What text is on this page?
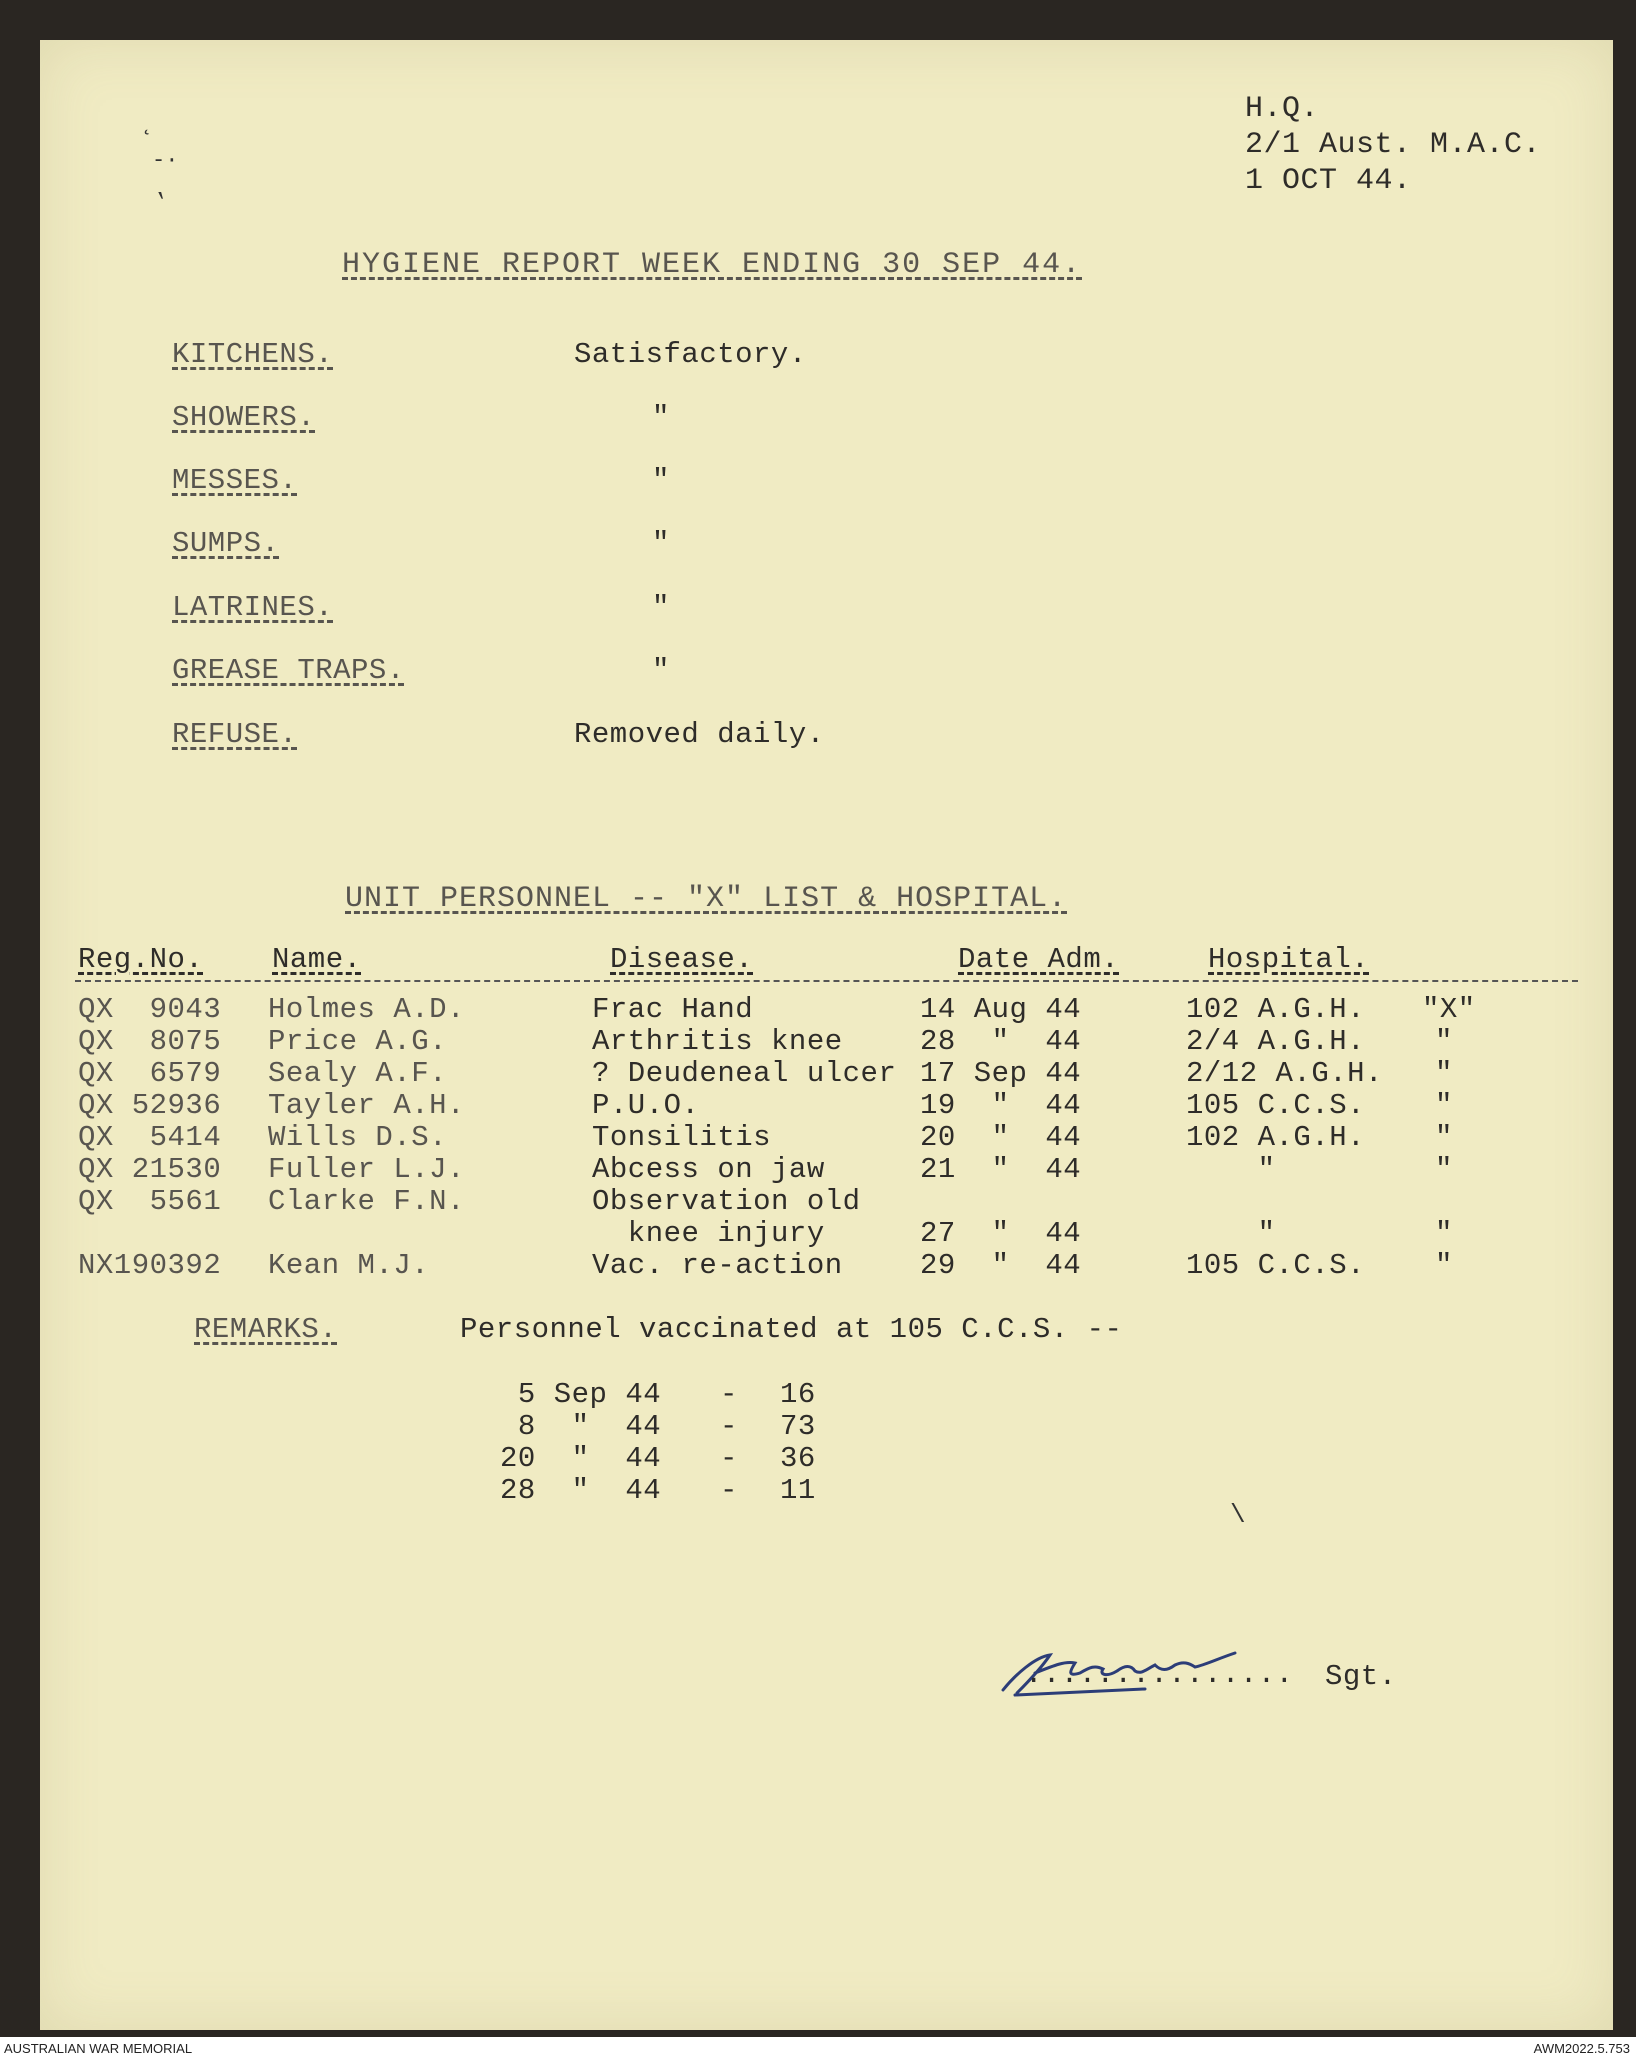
˛
-·
‛
H.Q.
2/1 Aust. M.A.C.
1 OCT 44.
HYGIENE REPORT WEEK ENDING 30 SEP 44.
KITCHENS.	Satisfactory.
SHOWERS.	"
MESSES.	"
SUMPS.	"
LATRINES.	"
GREASE TRAPS.	"
REFUSE.	Removed daily.
UNIT PERSONNEL -- "X" LIST & HOSPITAL.
Reg.No. Name.	Disease.	Date Adm.	Hospital.
QX  9043 Holmes A.D.	Frac Hand	14 Aug 44	102 A.G.H. "X"
QX  8075 Price A.G.	Arthritis knee	28  "  44	2/4 A.G.H. "
QX  6579 Sealy A.F.	? Deudeneal ulcer 17 Sep 44	2/12 A.G.H. "
QX 52936 Tayler A.H.	P.U.O.	19  "  44	105 C.C.S. "
QX  5414 Wills D.S.	Tonsilitis	20  "  44	102 A.G.H. "
QX 21530 Fuller L.J.	Abcess on jaw	21  "  44	"	"
QX  5561 Clarke F.N.	Observation old
knee injury	27  "  44	"	"
NX190392 Kean M.J.	Vac. re-action	29  "  44	105 C.C.S. "
REMARKS.	Personnel vaccinated at 105 C.C.S. --
5 Sep 44 - 16
8  "  44 - 73
20  "  44 - 36
28  "  44 - 11
\
............... Sgt.
AUSTRALIAN WAR MEMORIAL	AWM2022.5.753
